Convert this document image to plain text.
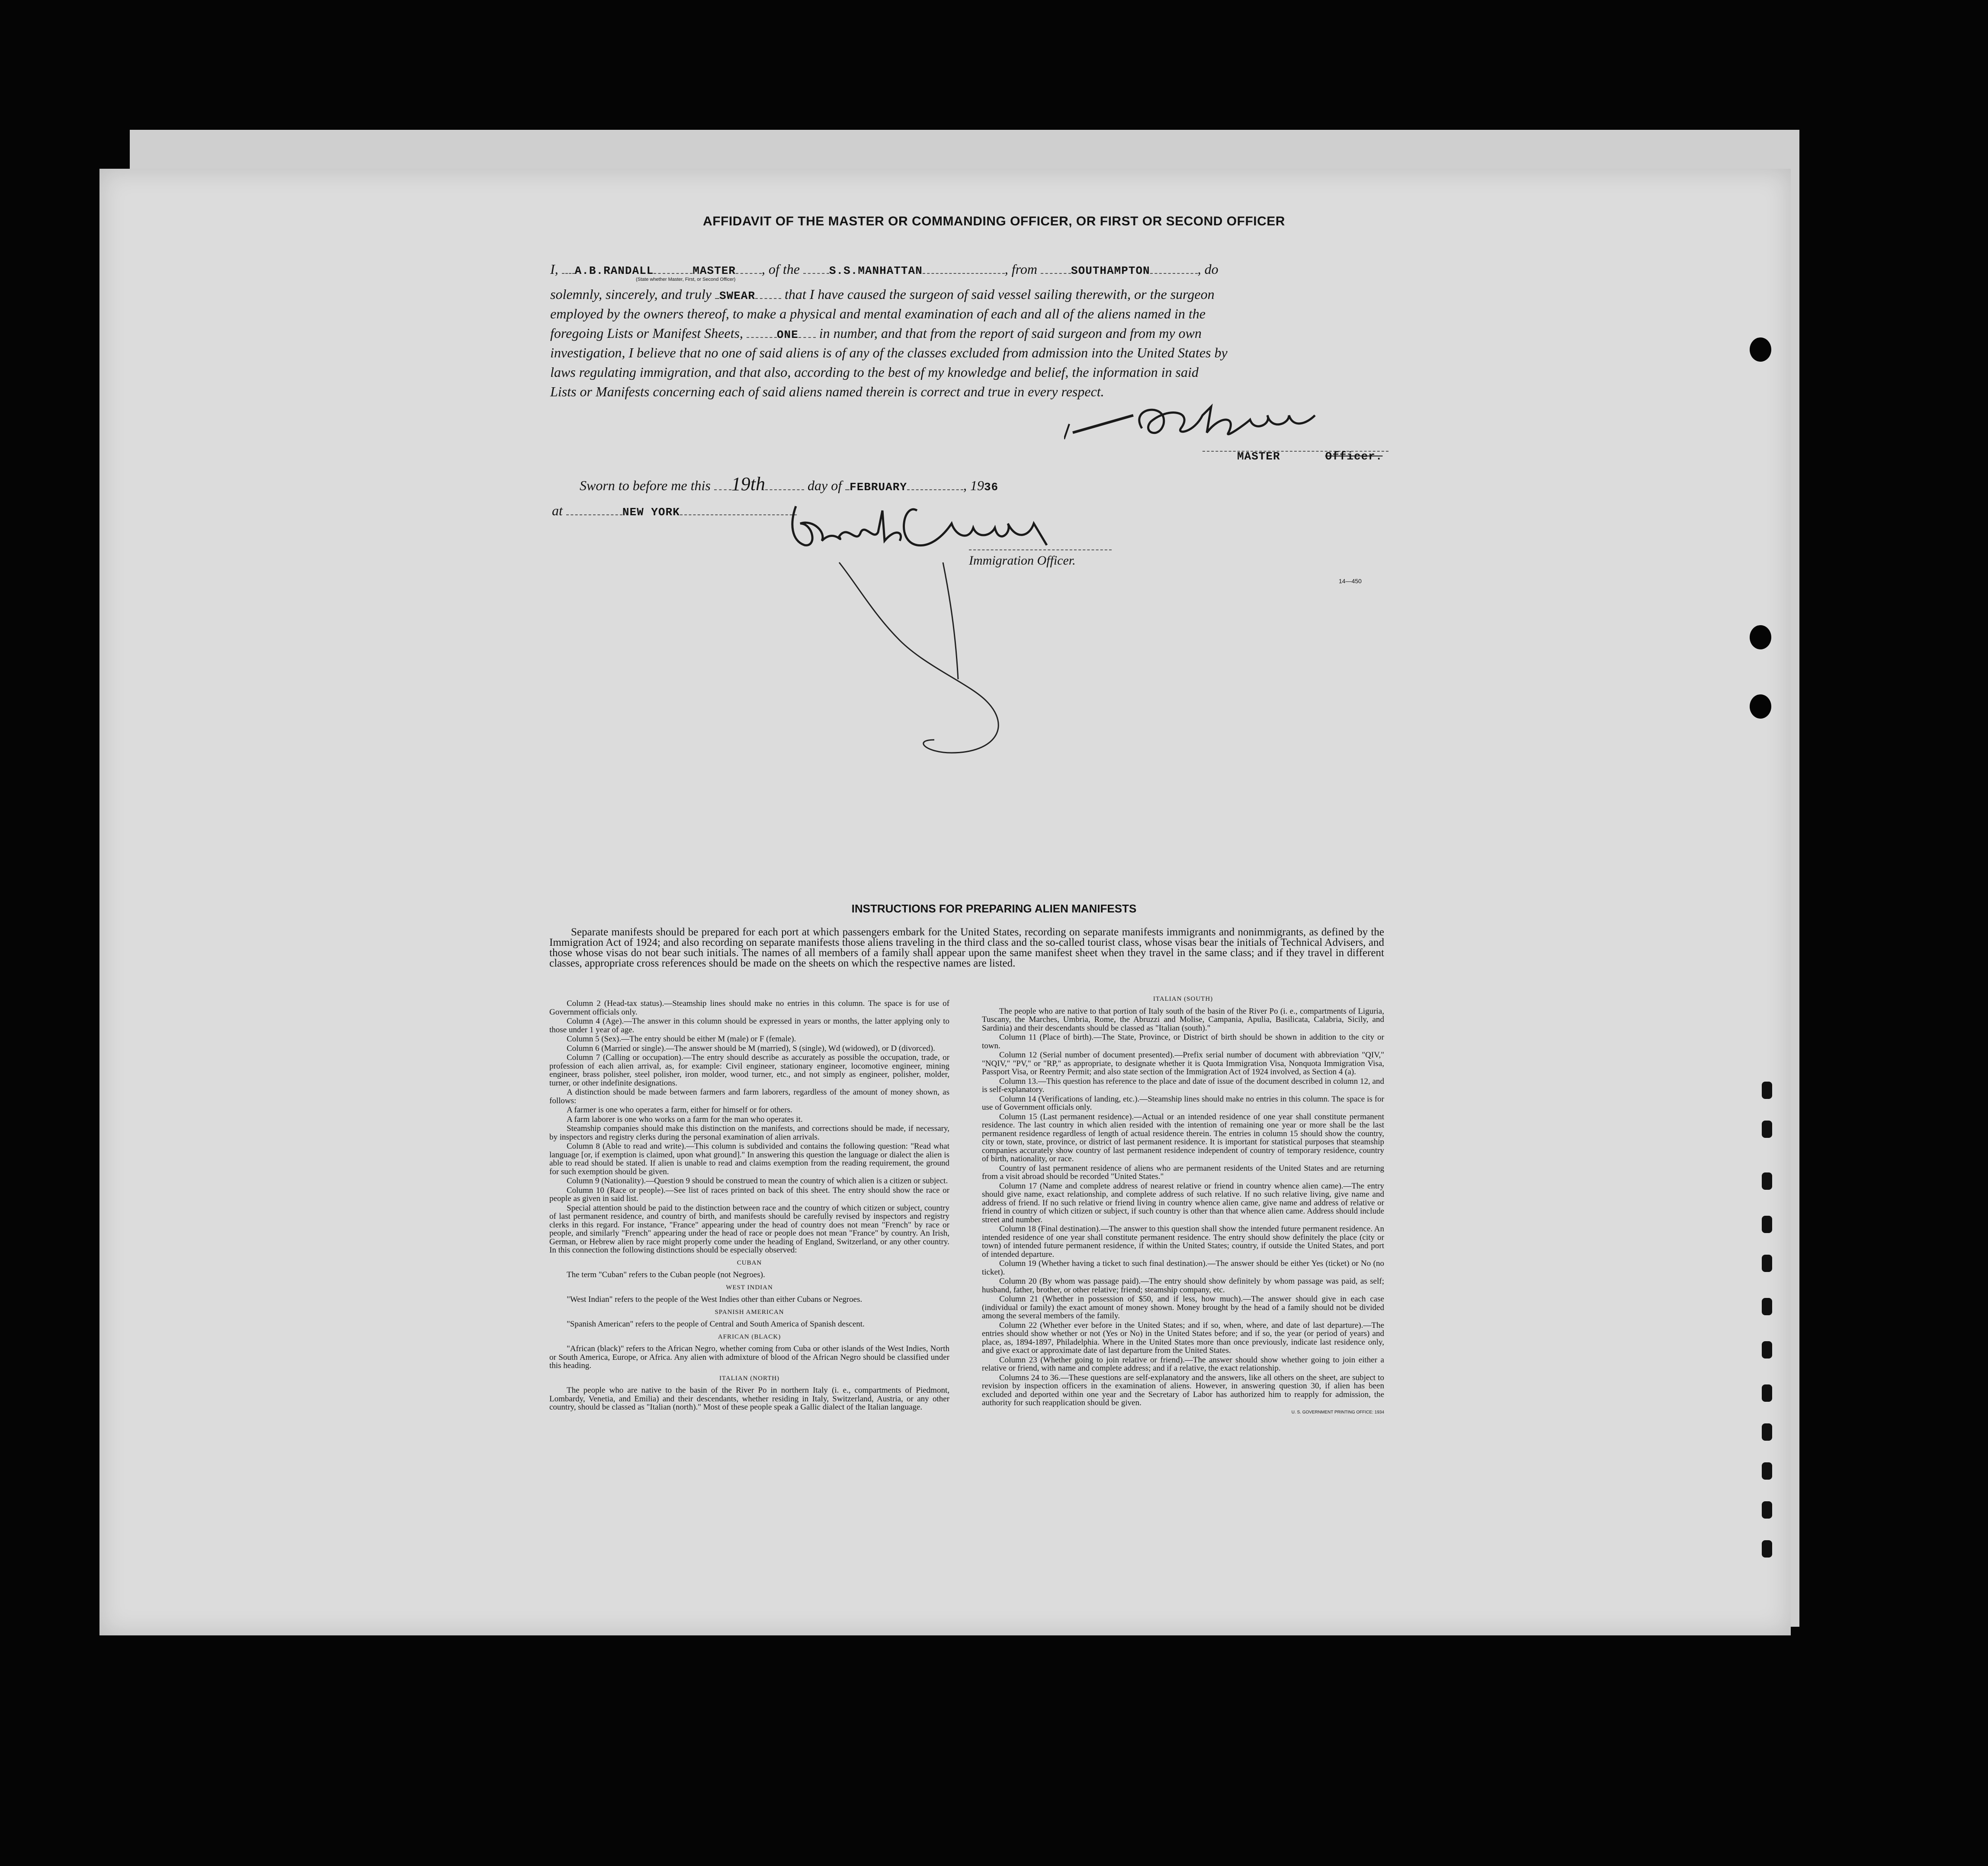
AFFIDAVIT OF THE MASTER OR COMMANDING OFFICER, OR FIRST OR SECOND OFFICER
I, A.B.RANDALL	MASTER , of the	S.S.MANHATTAN	, from	SOUTHAMPTON	, do
(State whether Master, First, or Second Officer)
solemnly, sincerely, and truly SWEAR that I have caused the surgeon of said vessel sailing therewith, or the surgeon
employed by the owners thereof, to make a physical and mental examination of each and all of the aliens named in the
foregoing Lists or Manifest Sheets,	ONE in number, and that from the report of said surgeon and from my own
investigation, I believe that no one of said aliens is of any of the classes excluded from admission into the United States by
laws regulating immigration, and that also, according to the best of my knowledge and belief, the information in said
Lists or Manifests concerning each of said aliens named therein is correct and true in every respect.
MASTER	Officer.
Sworn to before me this 19th	day of FEBRUARY	, 1936
at	NEW YORK
Immigration Officer.
14—450
INSTRUCTIONS FOR PREPARING ALIEN MANIFESTS
Separate manifests should be prepared for each port at which passengers embark for the United States, recording on separate manifests immigrants and nonimmigrants, as defined by the Immigration Act of 1924; and also recording on separate manifests those aliens traveling in the third class and the so-called tourist class, whose visas bear the initials of Technical Advisers, and those whose visas do not bear such initials. The names of all members of a family shall appear upon the same manifest sheet when they travel in the same class; and if they travel in different classes, appropriate cross references should be made on the sheets on which the respective names are listed.

Column 2 (Head-tax status).—Steamship lines should make no entries in this column. The space is for use of Government officials only.

Column 4 (Age).—The answer in this column should be expressed in years or months, the latter applying only to those under 1 year of age.

Column 5 (Sex).—The entry should be either M (male) or F (female).

Column 6 (Married or single).—The answer should be M (married), S (single), Wd (widowed), or D (divorced).

Column 7 (Calling or occupation).—The entry should describe as accurately as possible the occupation, trade, or profession of each alien arrival, as, for example: Civil engineer, stationary engineer, locomotive engineer, mining engineer, brass polisher, steel polisher, iron molder, wood turner, etc., and not simply as engineer, polisher, molder, turner, or other indefinite designations.

A distinction should be made between farmers and farm laborers, regardless of the amount of money shown, as follows:

A farmer is one who operates a farm, either for himself or for others.

A farm laborer is one who works on a farm for the man who operates it.

Steamship companies should make this distinction on the manifests, and corrections should be made, if necessary, by inspectors and registry clerks during the personal examination of alien arrivals.

Column 8 (Able to read and write).—This column is subdivided and contains the following question: "Read what language [or, if exemption is claimed, upon what ground]." In answering this question the language or dialect the alien is able to read should be stated. If alien is unable to read and claims exemption from the reading requirement, the ground for such exemption should be given.

Column 9 (Nationality).—Question 9 should be construed to mean the country of which alien is a citizen or subject.

Column 10 (Race or people).—See list of races printed on back of this sheet. The entry should show the race or people as given in said list.

Special attention should be paid to the distinction between race and the country of which citizen or subject, country of last permanent residence, and country of birth, and manifests should be carefully revised by inspectors and registry clerks in this regard. For instance, "France" appearing under the head of country does not mean "French" by race or people, and similarly "French" appearing under the head of race or people does not mean "France" by country. An Irish, German, or Hebrew alien by race might properly come under the heading of England, Switzerland, or any other country. In this connection the following distinctions should be especially observed:

CUBAN

The term "Cuban" refers to the Cuban people (not Negroes).

WEST INDIAN

"West Indian" refers to the people of the West Indies other than either Cubans or Negroes.

SPANISH AMERICAN

"Spanish American" refers to the people of Central and South America of Spanish descent.

AFRICAN (BLACK)

"African (black)" refers to the African Negro, whether coming from Cuba or other islands of the West Indies, North or South America, Europe, or Africa. Any alien with admixture of blood of the African Negro should be classified under this heading.

ITALIAN (NORTH)

The people who are native to the basin of the River Po in northern Italy (i. e., compartments of Piedmont, Lombardy, Venetia, and Emilia) and their descendants, whether residing in Italy, Switzerland, Austria, or any other country, should be classed as "Italian (north)." Most of these people speak a Gallic dialect of the Italian language.

ITALIAN (SOUTH)

The people who are native to that portion of Italy south of the basin of the River Po (i. e., compartments of Liguria, Tuscany, the Marches, Umbria, Rome, the Abruzzi and Molise, Campania, Apulia, Basilicata, Calabria, Sicily, and Sardinia) and their descendants should be classed as "Italian (south)."

Column 11 (Place of birth).—The State, Province, or District of birth should be shown in addition to the city or town.

Column 12 (Serial number of document presented).—Prefix serial number of document with abbreviation "QIV," "NQIV," "PV," or "RP," as appropriate, to designate whether it is Quota Immigration Visa, Nonquota Immigration Visa, Passport Visa, or Reentry Permit; and also state section of the Immigration Act of 1924 involved, as Section 4 (a).

Column 13.—This question has reference to the place and date of issue of the document described in column 12, and is self-explanatory.

Column 14 (Verifications of landing, etc.).—Steamship lines should make no entries in this column. The space is for use of Government officials only.

Column 15 (Last permanent residence).—Actual or an intended residence of one year shall constitute permanent residence. The last country in which alien resided with the intention of remaining one year or more shall be the last permanent residence regardless of length of actual residence therein. The entries in column 15 should show the country, city or town, state, province, or district of last permanent residence. It is important for statistical purposes that steamship companies accurately show country of last permanent residence independent of country of temporary residence, country of birth, nationality, or race.

Country of last permanent residence of aliens who are permanent residents of the United States and are returning from a visit abroad should be recorded "United States."

Column 17 (Name and complete address of nearest relative or friend in country whence alien came).—The entry should give name, exact relationship, and complete address of such relative. If no such relative living, give name and address of friend. If no such relative or friend living in country whence alien came, give name and address of relative or friend in country of which citizen or subject, if such country is other than that whence alien came. Address should include street and number.

Column 18 (Final destination).—The answer to this question shall show the intended future permanent residence. An intended residence of one year shall constitute permanent residence. The entry should show definitely the place (city or town) of intended future permanent residence, if within the United States; country, if outside the United States, and port of intended departure.

Column 19 (Whether having a ticket to such final destination).—The answer should be either Yes (ticket) or No (no ticket).

Column 20 (By whom was passage paid).—The entry should show definitely by whom passage was paid, as self; husband, father, brother, or other relative; friend; steamship company, etc.

Column 21 (Whether in possession of $50, and if less, how much).—The answer should give in each case (individual or family) the exact amount of money shown. Money brought by the head of a family should not be divided among the several members of the family.

Column 22 (Whether ever before in the United States; and if so, when, where, and date of last departure).—The entries should show whether or not (Yes or No) in the United States before; and if so, the year (or period of years) and place, as, 1894-1897, Philadelphia. Where in the United States more than once previously, indicate last residence only, and give exact or approximate date of last departure from the United States.

Column 23 (Whether going to join relative or friend).—The answer should show whether going to join either a relative or friend, with name and complete address; and if a relative, the exact relationship.

Columns 24 to 36.—These questions are self-explanatory and the answers, like all others on the sheet, are subject to revision by inspection officers in the examination of aliens. However, in answering question 30, if alien has been excluded and deported within one year and the Secretary of Labor has authorized him to reapply for admission, the authority for such reapplication should be given.

U. S. GOVERNMENT PRINTING OFFICE: 1934
